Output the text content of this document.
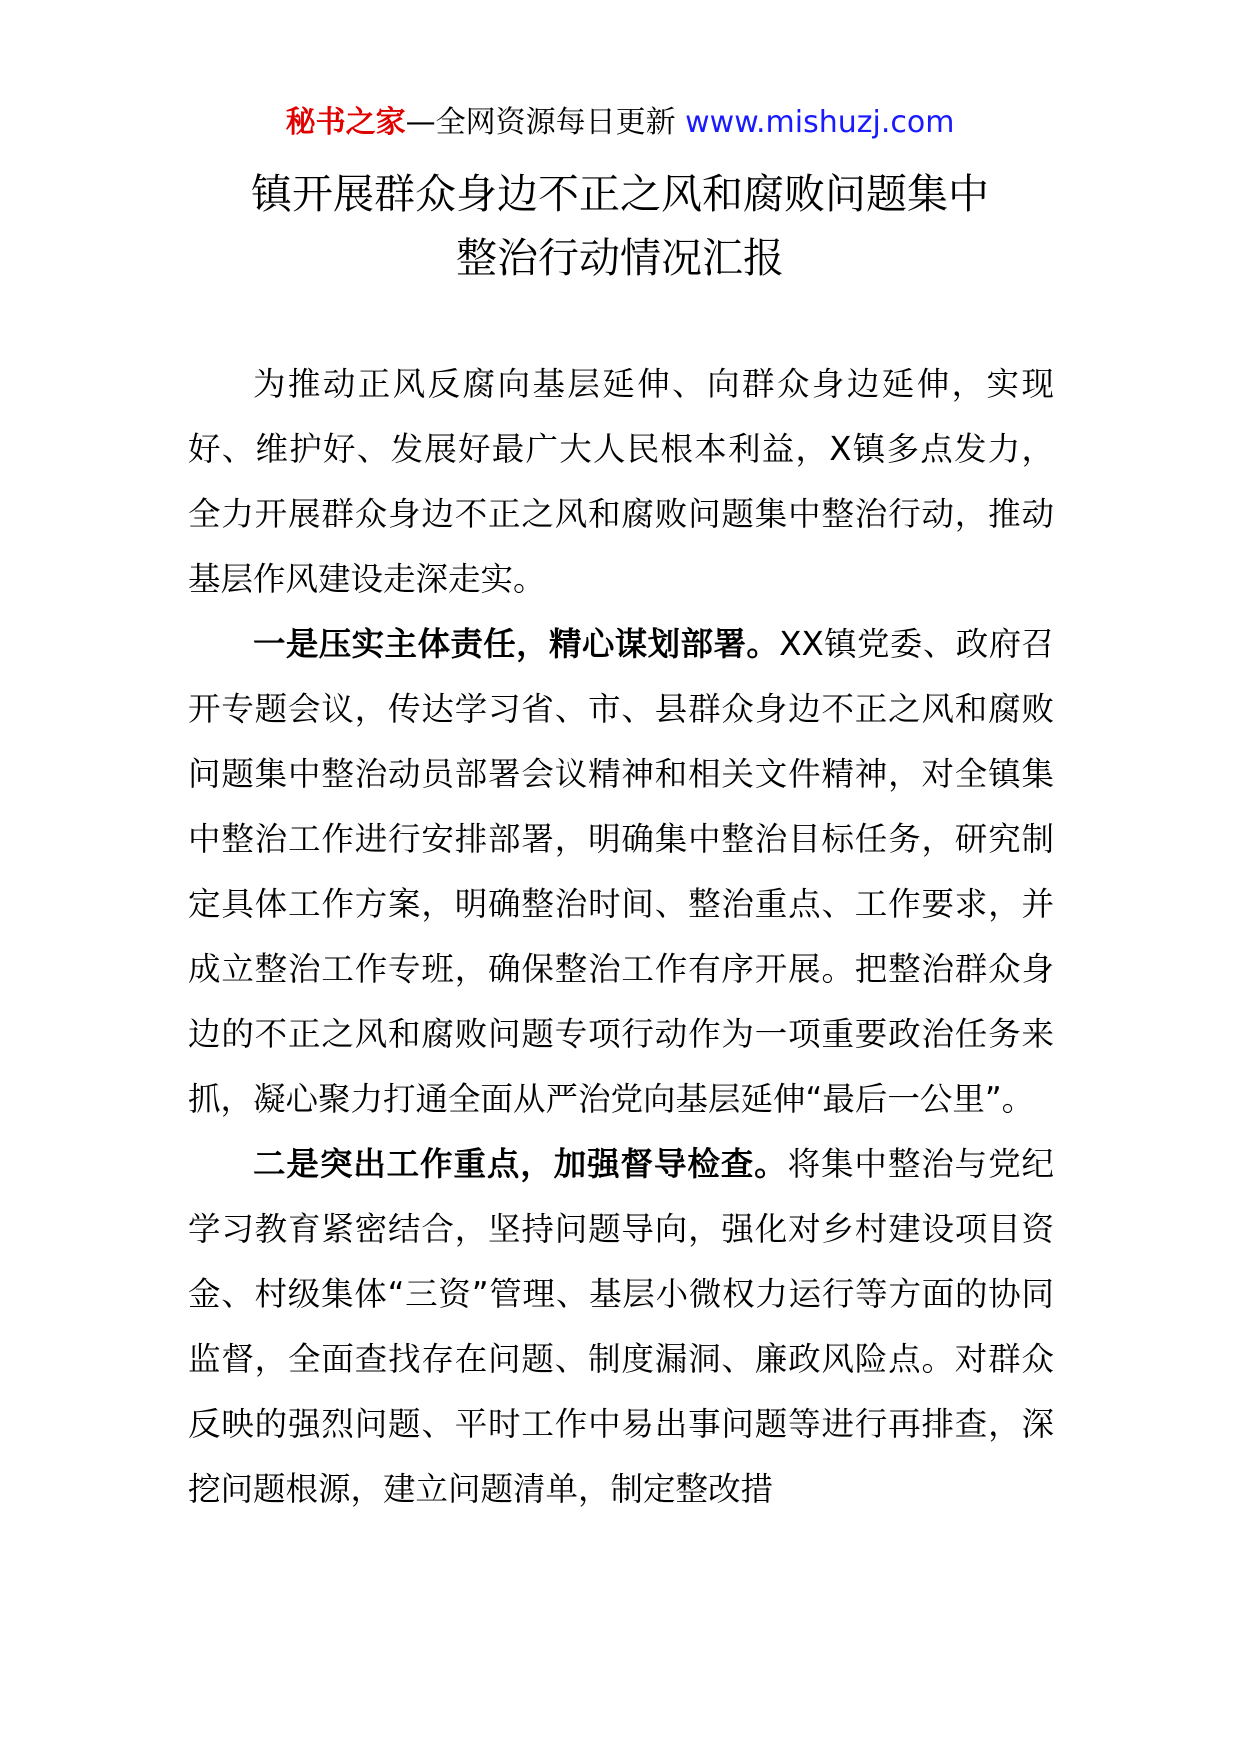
秘书之家—全网资源每日更新 www.mishuzj.com
镇开展群众身边不正之风和腐败问题集中
整治行动情况汇报

为推动正风反腐向基层延伸、向群众身边延伸，实现好、维护好、发展好最广大人民根本利益，X镇多点发力，全力开展群众身边不正之风和腐败问题集中整治行动，推动基层作风建设走深走实。

一是压实主体责任，精心谋划部署。XX镇党委、政府召开专题会议，传达学习省、市、县群众身边不正之风和腐败问题集中整治动员部署会议精神和相关文件精神，对全镇集中整治工作进行安排部署，明确集中整治目标任务，研究制定具体工作方案，明确整治时间、整治重点、工作要求，并成立整治工作专班，确保整治工作有序开展。把整治群众身边的不正之风和腐败问题专项行动作为一项重要政治任务来抓，凝心聚力打通全面从严治党向基层延伸“最后一公里”。

二是突出工作重点，加强督导检查。将集中整治与党纪学习教育紧密结合，坚持问题导向，强化对乡村建设项目资金、村级集体“三资”管理、基层小微权力运行等方面的协同监督，全面查找存在问题、制度漏洞、廉政风险点。对群众反映的强烈问题、平时工作中易出事问题等进行再排查，深挖问题根源，建立问题清单，制定整改措
